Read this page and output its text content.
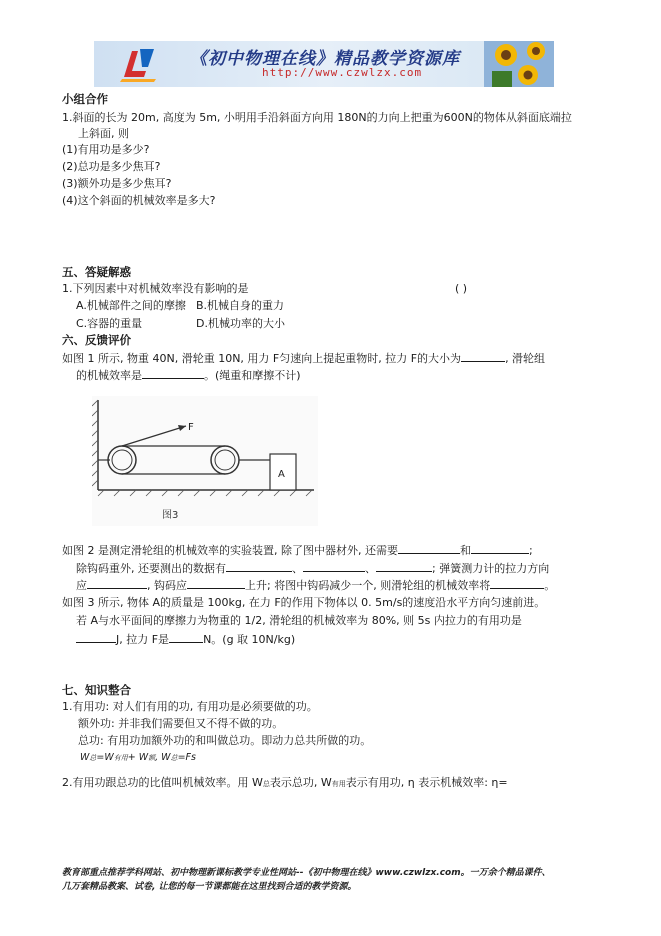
《初中物理在线》精品教学资源库
http://www.czwlzx.com
小组合作
1.斜面的长为 20m, 高度为 5m, 小明用手沿斜面方向用 180N的力向上把重为600N的物体从斜面底端拉
上斜面, 则
(1)有用功是多少?
(2)总功是多少焦耳?
(3)额外功是多少焦耳?
(4)这个斜面的机械效率是多大?
五、答疑解惑
1.下列因素中对机械效率没有影响的是	( )
A.机械部件之间的摩擦 B.机械自身的重力
C.容器的重量	D.机械功率的大小
六、反馈评价
如图 1 所示, 物重 40N, 滑轮重 10N, 用力 F匀速向上提起重物时, 拉力 F的大小为	, 滑轮组
的机械效率是	。(绳重和摩擦不计)
F
A
图3
如图 2 是测定滑轮组的机械效率的实验装置, 除了图中器材外, 还需要	和	;
除钩码重外, 还要测出的数据有	、	、	; 弹簧测力计的拉力方向
应	, 钩码应	上升; 将图中钩码减少一个, 则滑轮组的机械效率将	。
如图 3 所示, 物体 A的质量是 100kg, 在力 F的作用下物体以 0. 5m/s的速度沿水平方向匀速前进。
若 A与水平面间的摩擦力为物重的 1/2, 滑轮组的机械效率为 80%, 则 5s 内拉力的有用功是
J, 拉力 F是	N。(g 取 10N/kg)
七、知识整合
1.有用功: 对人们有用的功, 有用功是必须要做的功。
额外功: 并非我们需要但又不得不做的功。
总功: 有用功加额外功的和叫做总功。即动力总共所做的功。
W总=W有用+ W额, W总=Fs
2.有用功跟总功的比值叫机械效率。用 W总表示总功, W有用表示有用功, η 表示机械效率: η=
教育部重点推荐学科网站、初中物理新课标教学专业性网站--《初中物理在线》www.czwlzx.com。一万余个精品课件、
几万套精品教案、试卷, 让您的每一节课都能在这里找到合适的教学资源。
